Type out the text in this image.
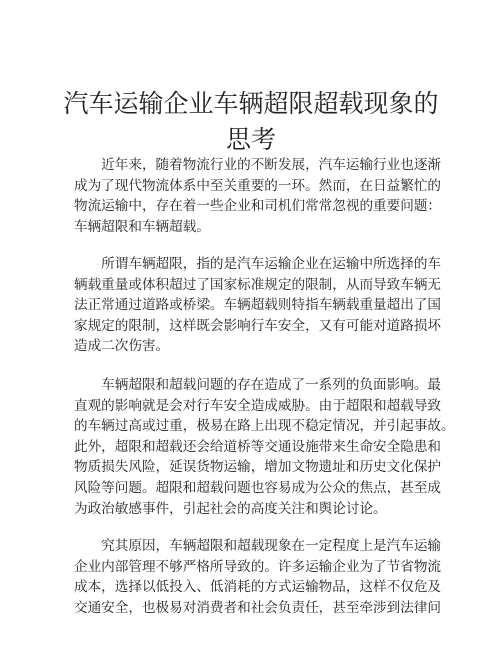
汽车运输企业车辆超限超载现象的
思考

　　近年来，随着物流行业的不断发展，汽车运输行业也逐渐
成为了现代物流体系中至关重要的一环。然而，在日益繁忙的
物流运输中，存在着一些企业和司机们常常忽视的重要问题：
车辆超限和车辆超载。

　　所谓车辆超限，指的是汽车运输企业在运输中所选择的车
辆载重量或体积超过了国家标准规定的限制，从而导致车辆无
法正常通过道路或桥梁。车辆超载则特指车辆载重量超出了国
家规定的限制，这样既会影响行车安全，又有可能对道路损坏
造成二次伤害。

　　车辆超限和超载问题的存在造成了一系列的负面影响。最
直观的影响就是会对行车安全造成威胁。由于超限和超载导致
的车辆过高或过重，极易在路上出现不稳定情况，并引起事故。
此外，超限和超载还会给道桥等交通设施带来生命安全隐患和
物质损失风险，延误货物运输，增加文物遗址和历史文化保护
风险等问题。超限和超载问题也容易成为公众的焦点，甚至成
为政治敏感事件，引起社会的高度关注和舆论讨论。

　　究其原因，车辆超限和超载现象在一定程度上是汽车运输
企业内部管理不够严格所导致的。许多运输企业为了节省物流
成本，选择以低投入、低消耗的方式运输物品，这样不仅危及
交通安全，也极易对消费者和社会负责任，甚至牵涉到法律问
